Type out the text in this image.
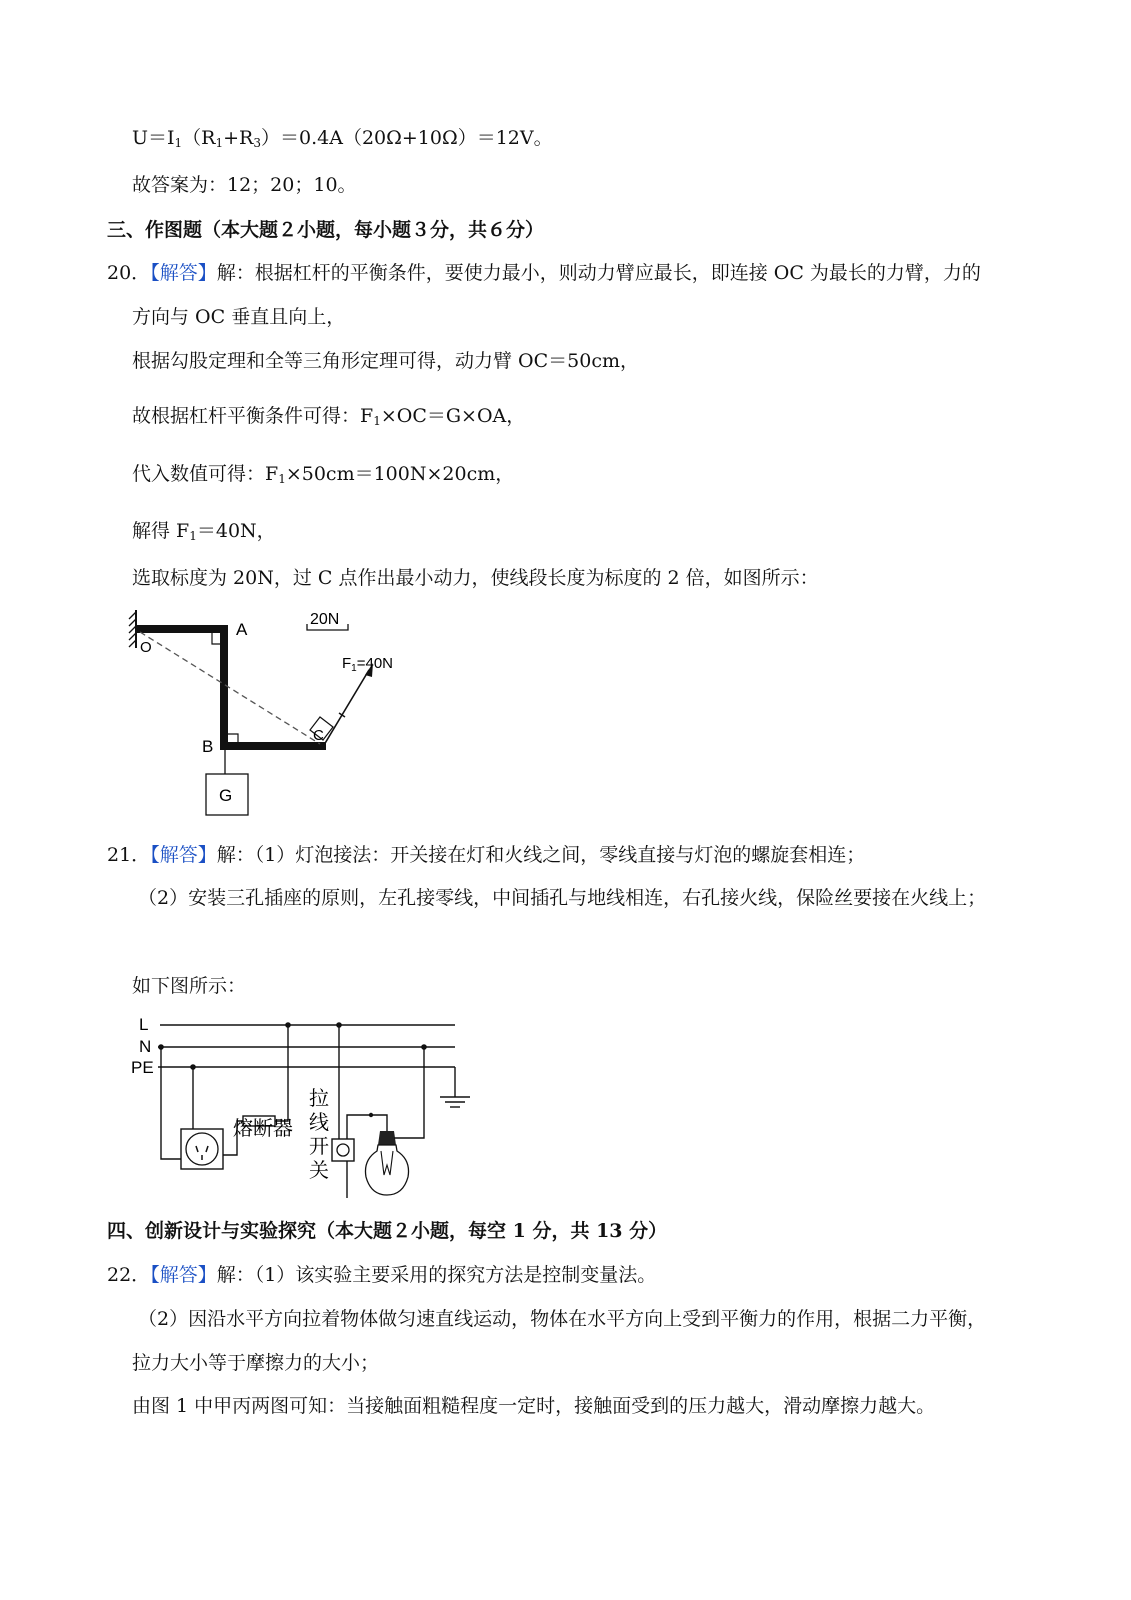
$U=I_1(R_1+R_3)=0.4A(20\Omega+10\Omega)=12V$。
故答案为：12；20；10。
三、作图题（本大题２小题，每小题３分，共６分）
20．【解答】解：根据杠杆的平衡条件，要使力最小，则动力臂应最长，即连接 OC 为最长的力臂，力的
方向与 OC 垂直且向上，
根据勾股定理和全等三角形定理可得，动力臂 OC＝50cm，
故根据杠杆平衡条件可得：$F_1\times OC=G\times OA$，
代入数值可得：$F_1\times 50cm=100N\times 20cm$，
解得 $F_1=40N$，
选取标度为 20N，过 C 点作出最小动力，使线段长度为标度的 2 倍，如图所示：
O
A
B
C
G
20N
$F_1=40N$
21．【解答】解：（1）灯泡接法：开关接在灯和火线之间，零线直接与灯泡的螺旋套相连；
（2）安装三孔插座的原则，左孔接零线，中间插孔与地线相连，右孔接火线，保险丝要接在火线上；
如下图所示：
L
N
PE
熔断器
拉
线
开
关
四、创新设计与实验探究（本大题２小题，每空 1 分，共 13 分）
22．【解答】解：（1）该实验主要采用的探究方法是控制变量法。
（2）因沿水平方向拉着物体做匀速直线运动，物体在水平方向上受到平衡力的作用，根据二力平衡，
拉力大小等于摩擦力的大小；
由图 1 中甲丙两图可知：当接触面粗糙程度一定时，接触面受到的压力越大，滑动摩擦力越大。
